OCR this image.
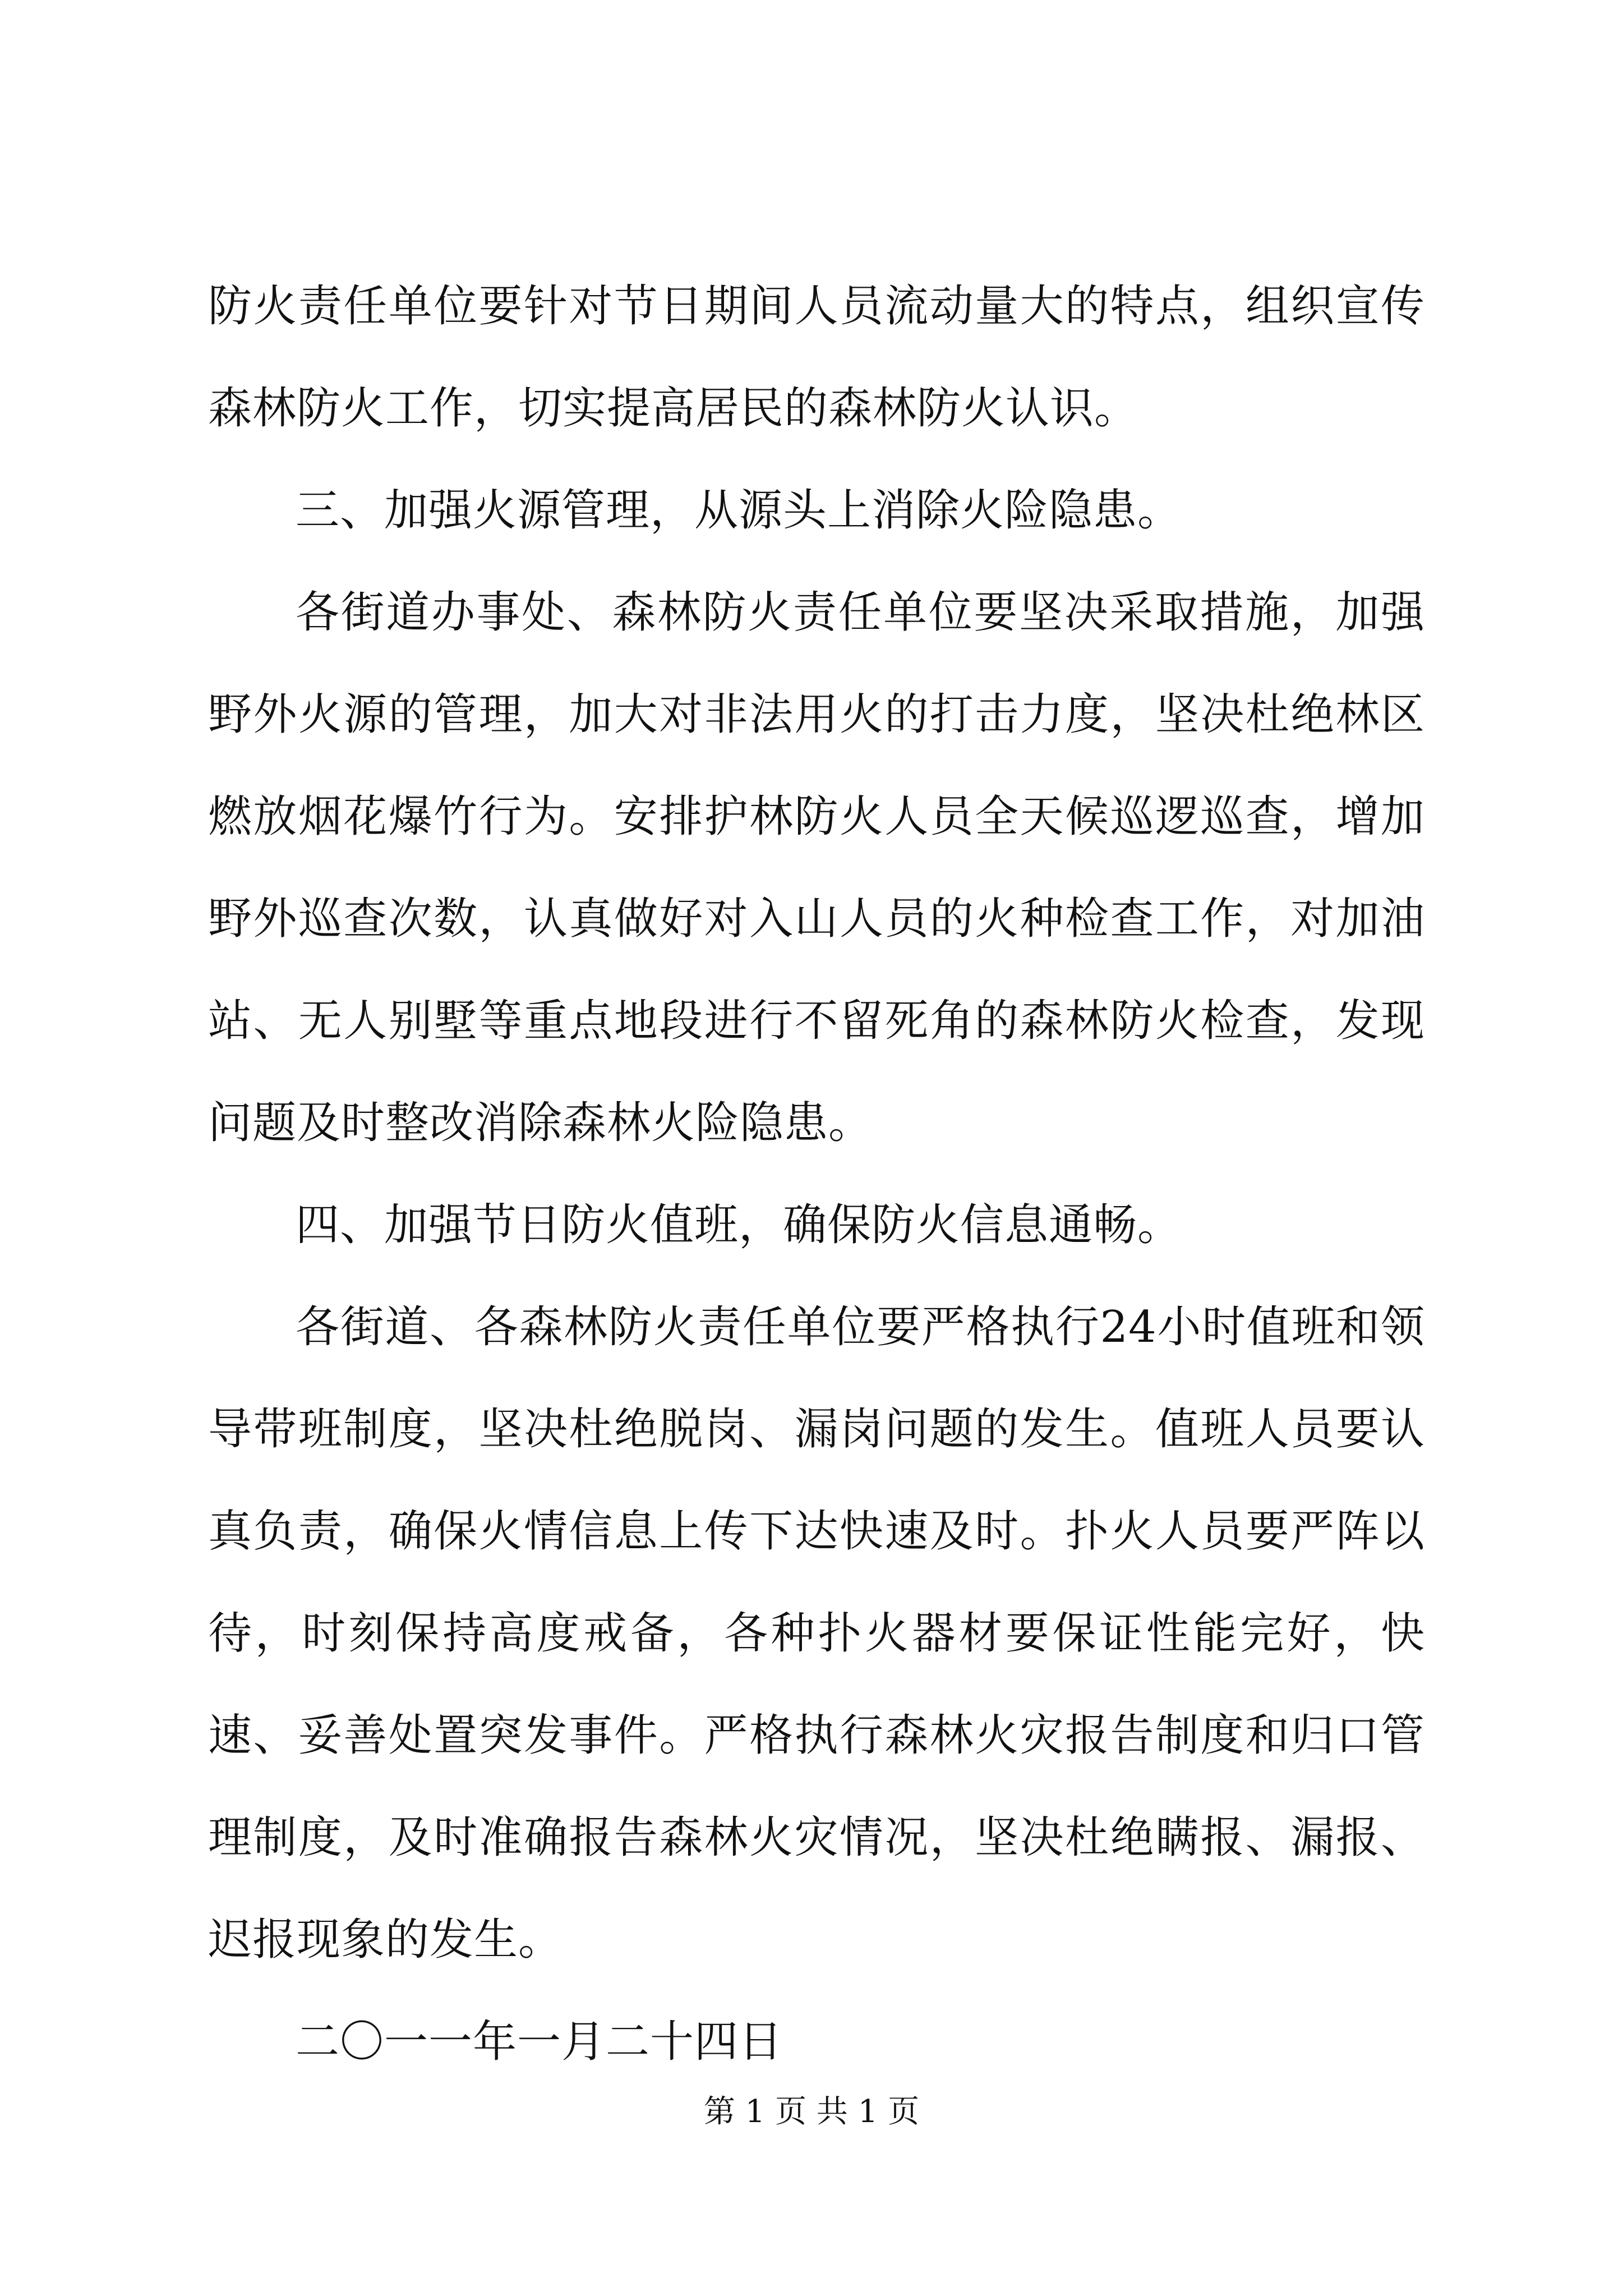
防火责任单位要针对节日期间人员流动量大的特点，组织宣传森林防火工作，切实提高居民的森林防火认识。

三、加强火源管理，从源头上消除火险隐患。

各街道办事处、森林防火责任单位要坚决采取措施，加强野外火源的管理，加大对非法用火的打击力度，坚决杜绝林区燃放烟花爆竹行为。安排护林防火人员全天候巡逻巡查，增加野外巡查次数，认真做好对入山人员的火种检查工作，对加油站、无人别墅等重点地段进行不留死角的森林防火检查，发现问题及时整改消除森林火险隐患。

四、加强节日防火值班，确保防火信息通畅。

各街道、各森林防火责任单位要严格执行24小时值班和领导带班制度，坚决杜绝脱岗、漏岗问题的发生。值班人员要认真负责，确保火情信息上传下达快速及时。扑火人员要严阵以待，时刻保持高度戒备，各种扑火器材要保证性能完好，快速、妥善处置突发事件。严格执行森林火灾报告制度和归口管理制度，及时准确报告森林火灾情况，坚决杜绝瞒报、漏报、迟报现象的发生。

二〇一一年一月二十四日

第 1 页 共 1 页
